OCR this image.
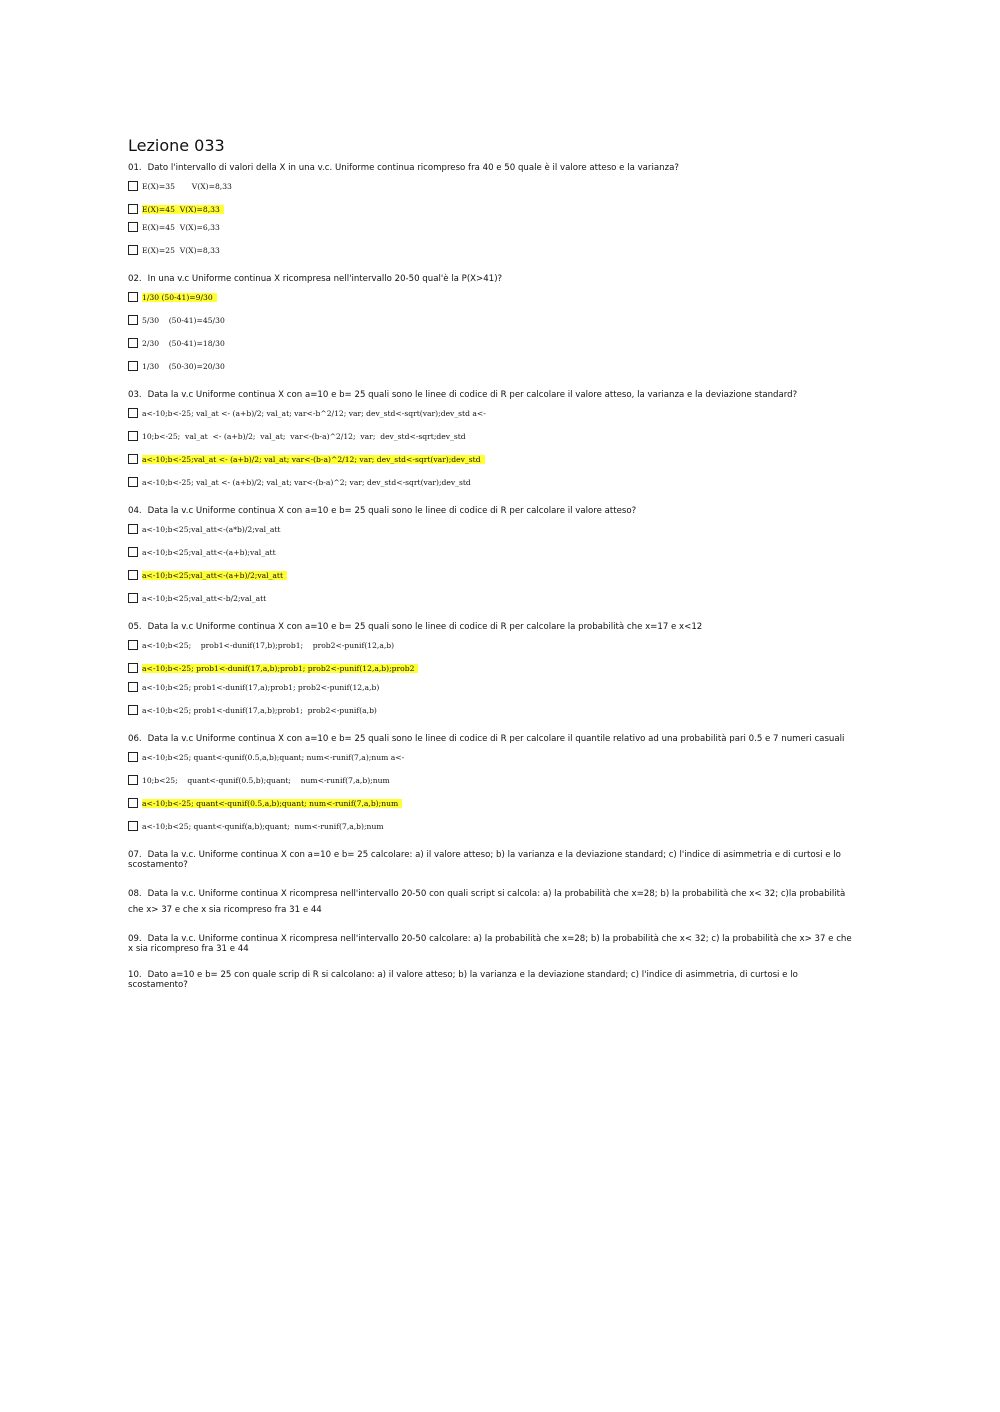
Lezione 033
01. Dato l'intervallo di valori della X in una v.c. Uniforme continua ricompreso fra 40 e 50 quale è il valore atteso e la varianza?
E(X)=35       V(X)=8,33
E(X)=45  V(X)=8,33
E(X)=45  V(X)=6,33
E(X)=25  V(X)=8,33
02. In una v.c Uniforme continua X ricompresa nell'intervallo 20-50 qual'è la P(X>41)?
1/30 (50-41)=9/30
5/30    (50-41)=45/30
2/30    (50-41)=18/30
1/30    (50-30)=20/30
03. Data la v.c Uniforme continua X con a=10 e b= 25 quali sono le linee di codice di R per calcolare il valore atteso, la varianza e la deviazione standard?
a<-10;b<-25; val_at <- (a+b)/2; val_at; var<-b^2/12; var; dev_std<-sqrt(var);dev_std a<-
10;b<-25;  val_at  <- (a+b)/2;  val_at;  var<-(b-a)^2/12;  var;  dev_std<-sqrt;dev_std
a<-10;b<-25;val_at <- (a+b)/2; val_at; var<-(b-a)^2/12; var; dev_std<-sqrt(var);dev_std
a<-10;b<-25; val_at <- (a+b)/2; val_at; var<-(b-a)^2; var; dev_std<-sqrt(var);dev_std
04. Data la v.c Uniforme continua X con a=10 e b= 25 quali sono le linee di codice di R per calcolare il valore atteso?
a<-10;b<25;val_att<-(a*b)/2;val_att
a<-10;b<25;val_att<-(a+b);val_att
a<-10;b<25;val_att<-(a+b)/2;val_att
a<-10;b<25;val_att<-b/2;val_att
05. Data la v.c Uniforme continua X con a=10 e b= 25 quali sono le linee di codice di R per calcolare la probabilità che x=17 e x<12
a<-10;b<25;    prob1<-dunif(17,b);prob1;    prob2<-punif(12,a,b)
a<-10;b<-25; prob1<-dunif(17,a,b);prob1; prob2<-punif(12,a,b);prob2
a<-10;b<25; prob1<-dunif(17,a);prob1; prob2<-punif(12,a,b)
a<-10;b<25; prob1<-dunif(17,a,b);prob1;  prob2<-punif(a,b)
06. Data la v.c Uniforme continua X con a=10 e b= 25 quali sono le linee di codice di R per calcolare il quantile relativo ad una probabilità pari 0.5 e 7 numeri casuali
a<-10;b<25; quant<-qunif(0.5,a,b);quant; num<-runif(7,a);num a<-
10;b<25;    quant<-qunif(0.5,b);quant;    num<-runif(7,a,b);num
a<-10;b<-25; quant<-qunif(0.5,a,b);quant; num<-runif(7,a,b);num
a<-10;b<25; quant<-qunif(a,b);quant;  num<-runif(7,a,b);num
07. Data la v.c. Uniforme continua X con a=10 e b= 25 calcolare: a) il valore atteso; b) la varianza e la deviazione standard; c) l'indice di asimmetria e di curtosi e lo scostamento?
08. Data la v.c. Uniforme continua X ricompresa nell'intervallo 20-50 con quali script si calcola: a) la probabilità che x=28; b) la probabilità che x< 32; c)la probabilità che x> 37 e che x sia ricompreso fra 31 e 44
09. Data la v.c. Uniforme continua X ricompresa nell'intervallo 20-50 calcolare: a) la probabilità che x=28; b) la probabilità che x< 32; c) la probabilità che x> 37 e che x sia ricompreso fra 31 e 44
10. Dato a=10 e b= 25 con quale scrip di R si calcolano: a) il valore atteso; b) la varianza e la deviazione standard; c) l'indice di asimmetria, di curtosi e lo scostamento?
